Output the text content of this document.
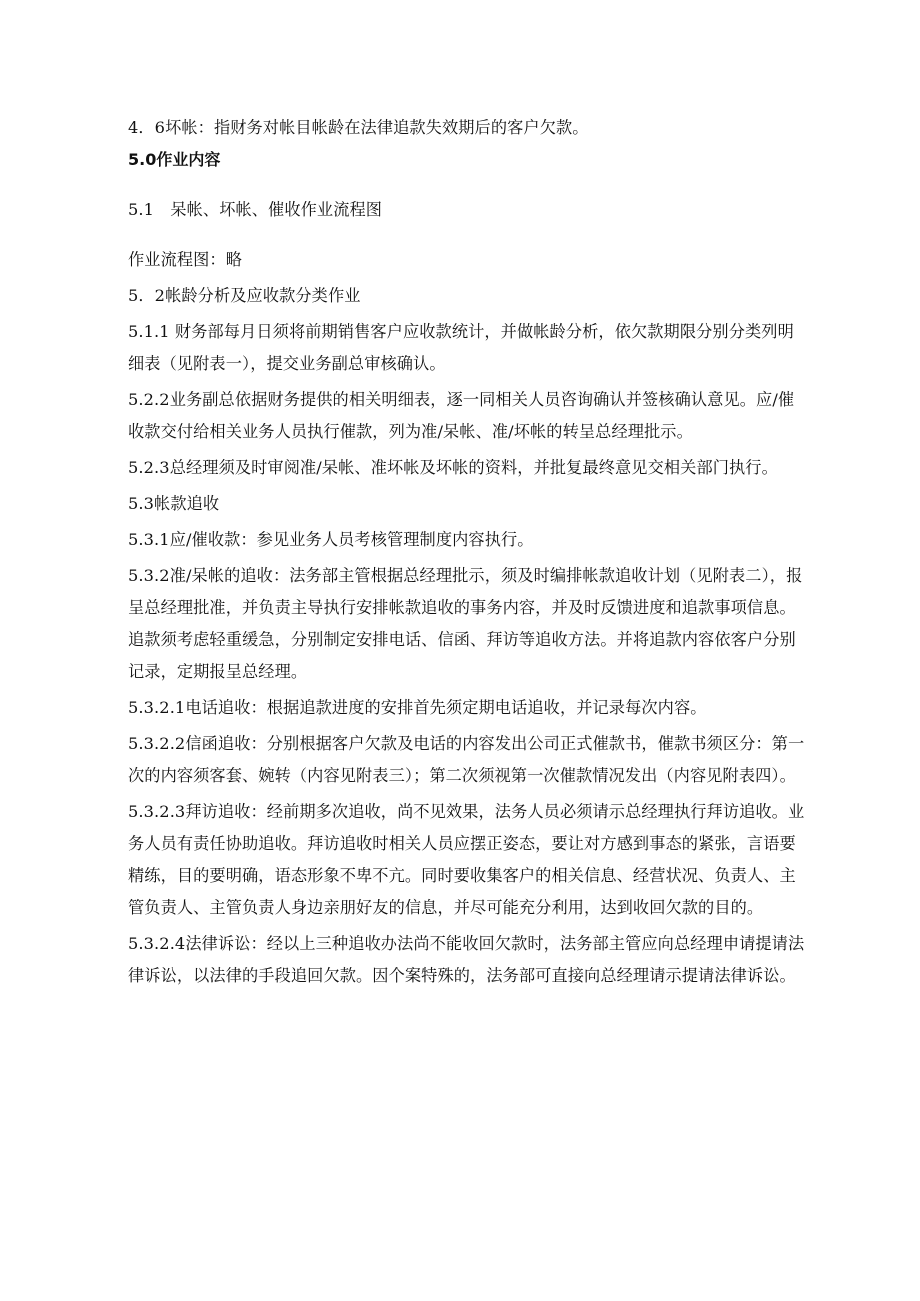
4．6坏帐：指财务对帐目帐龄在法律追款失效期后的客户欠款。

5.0作业内容

5.1　呆帐、坏帐、催收作业流程图

作业流程图：略

5．2帐龄分析及应收款分类作业

5.1.1 财务部每月日须将前期销售客户应收款统计，并做帐龄分析，依欠款期限分别分类列明细表（见附表一），提交业务副总审核确认。

5.2.2业务副总依据财务提供的相关明细表，逐一同相关人员咨询确认并签核确认意见。应/催收款交付给相关业务人员执行催款，列为准/呆帐、准/坏帐的转呈总经理批示。

5.2.3总经理须及时审阅准/呆帐、准坏帐及坏帐的资料，并批复最终意见交相关部门执行。

5.3帐款追收

5.3.1应/催收款：参见业务人员考核管理制度内容执行。

5.3.2准/呆帐的追收：法务部主管根据总经理批示，须及时编排帐款追收计划（见附表二），报呈总经理批准，并负责主导执行安排帐款追收的事务内容，并及时反馈进度和追款事项信息。追款须考虑轻重缓急，分别制定安排电话、信函、拜访等追收方法。并将追款内容依客户分别记录，定期报呈总经理。

5.3.2.1电话追收：根据追款进度的安排首先须定期电话追收，并记录每次内容。

5.3.2.2信函追收：分别根据客户欠款及电话的内容发出公司正式催款书，催款书须区分：第一次的内容须客套、婉转（内容见附表三）；第二次须视第一次催款情况发出（内容见附表四）。

5.3.2.3拜访追收：经前期多次追收，尚不见效果，法务人员必须请示总经理执行拜访追收。业务人员有责任协助追收。拜访追收时相关人员应摆正姿态，要让对方感到事态的紧张，言语要精练，目的要明确，语态形象不卑不亢。同时要收集客户的相关信息、经营状况、负责人、主管负责人、主管负责人身边亲朋好友的信息，并尽可能充分利用，达到收回欠款的目的。

5.3.2.4法律诉讼：经以上三种追收办法尚不能收回欠款时，法务部主管应向总经理申请提请法律诉讼，以法律的手段追回欠款。因个案特殊的，法务部可直接向总经理请示提请法律诉讼。
